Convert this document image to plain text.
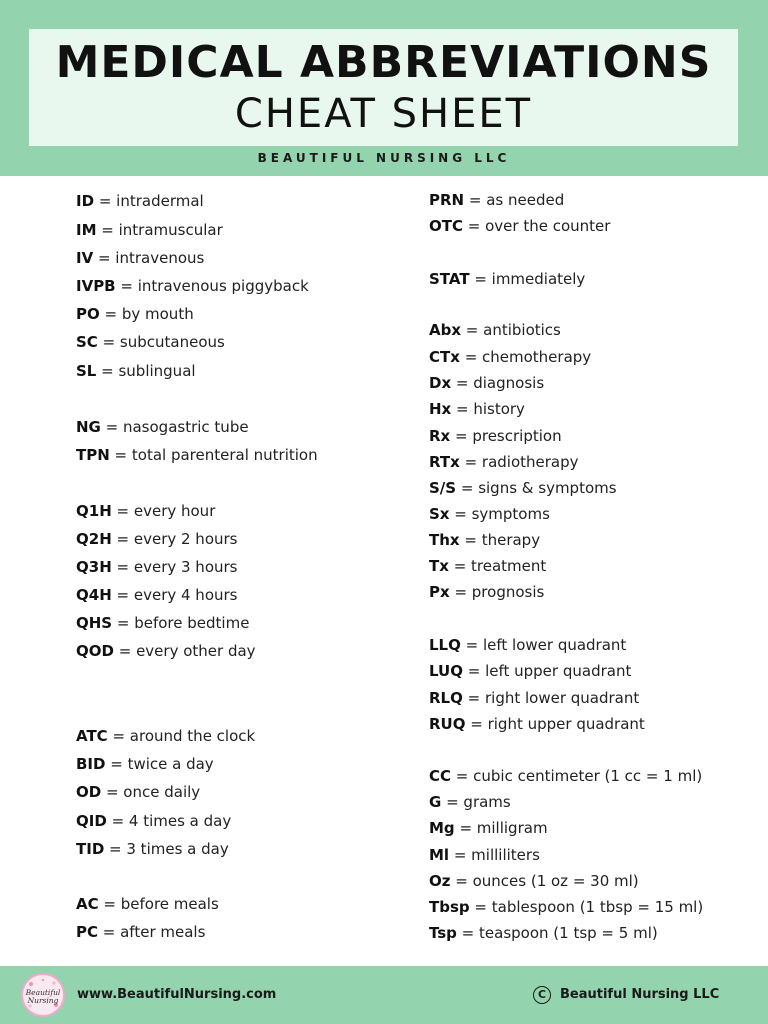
MEDICAL ABBREVIATIONS
CHEAT SHEET
BEAUTIFUL NURSING LLC
ID = intradermal
IM = intramuscular
IV = intravenous
IVPB = intravenous piggyback
PO = by mouth
SC = subcutaneous
SL = sublingual
NG = nasogastric tube
TPN = total parenteral nutrition
Q1H = every hour
Q2H = every 2 hours
Q3H = every 3 hours
Q4H = every 4 hours
QHS = before bedtime
QOD = every other day
ATC = around the clock
BID = twice a day
OD = once daily
QID = 4 times a day
TID = 3 times a day
AC = before meals
PC = after meals
PRN = as needed
OTC = over the counter
STAT = immediately
Abx = antibiotics
CTx = chemotherapy
Dx = diagnosis
Hx = history
Rx = prescription
RTx = radiotherapy
S/S = signs & symptoms
Sx = symptoms
Thx = therapy
Tx = treatment
Px = prognosis
LLQ = left lower quadrant
LUQ = left upper quadrant
RLQ = right lower quadrant
RUQ = right upper quadrant
CC = cubic centimeter (1 cc = 1 ml)
G = grams
Mg = milligram
Ml = milliliters
Oz = ounces (1 oz = 30 ml)
Tbsp = tablespoon (1 tbsp = 15 ml)
Tsp = teaspoon (1 tsp = 5 ml)
Beautiful
Nursing www.BeautifulNursing.com	C	Beautiful Nursing LLC
